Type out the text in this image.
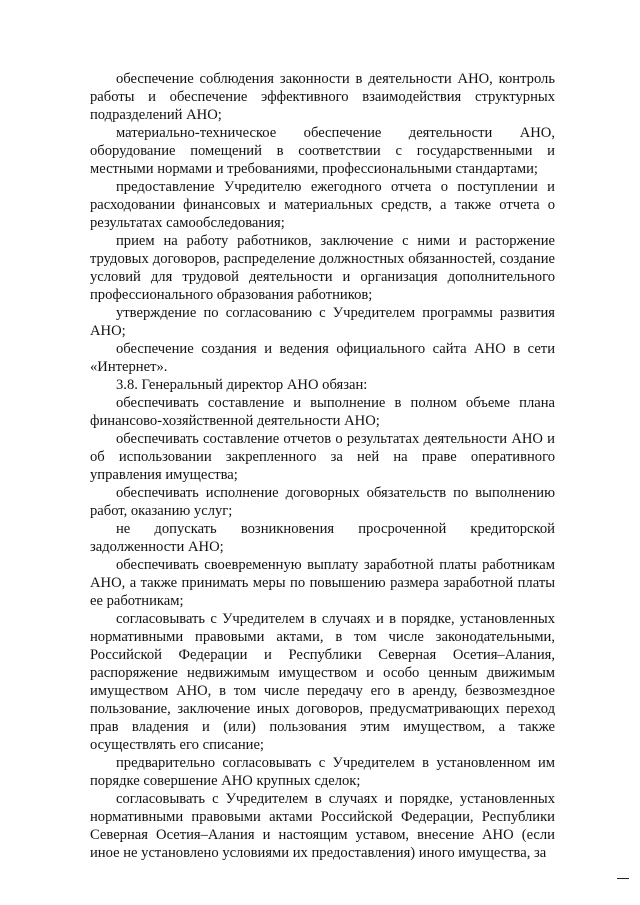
обеспечение соблюдения законности в деятельности АНО, контроль работы и обеспечение эффективного взаимодействия структурных подразделений АНО;

материально-техническое обеспечение деятельности АНО, оборудование помещений в соответствии с государственными и местными нормами и требованиями, профессиональными стандартами;

предоставление Учредителю ежегодного отчета о поступлении и расходовании финансовых и материальных средств, а также отчета о результатах самообследования;

прием на работу работников, заключение с ними и расторжение трудовых договоров, распределение должностных обязанностей, создание условий для трудовой деятельности и организация дополнительного профессионального образования работников;

утверждение по согласованию с Учредителем программы развития АНО;

обеспечение создания и ведения официального сайта АНО в сети «Интернет».

3.8. Генеральный директор АНО обязан:

обеспечивать составление и выполнение в полном объеме плана финансово-хозяйственной деятельности АНО;

обеспечивать составление отчетов о результатах деятельности АНО и об использовании закрепленного за ней на праве оперативного управления имущества;

обеспечивать исполнение договорных обязательств по выполнению работ, оказанию услуг;

не допускать возникновения просроченной кредиторской задолженности АНО;

обеспечивать своевременную выплату заработной платы работникам АНО, а также принимать меры по повышению размера заработной платы ее работникам;

согласовывать с Учредителем в случаях и в порядке, установленных нормативными правовыми актами, в том числе законодательными, Российской Федерации и Республики Северная Осетия–Алания, распоряжение недвижимым имуществом и особо ценным движимым имуществом АНО, в том числе передачу его в аренду, безвозмездное пользование, заключение иных договоров, предусматривающих переход прав владения и (или) пользования этим имуществом, а также осуществлять его списание;

предварительно согласовывать с Учредителем в установленном им порядке совершение АНО крупных сделок;

согласовывать с Учредителем в случаях и порядке, установленных нормативными правовыми актами Российской Федерации, Республики Северная Осетия–Алания и настоящим уставом, внесение АНО (если иное не установлено условиями их предоставления) иного имущества, за
